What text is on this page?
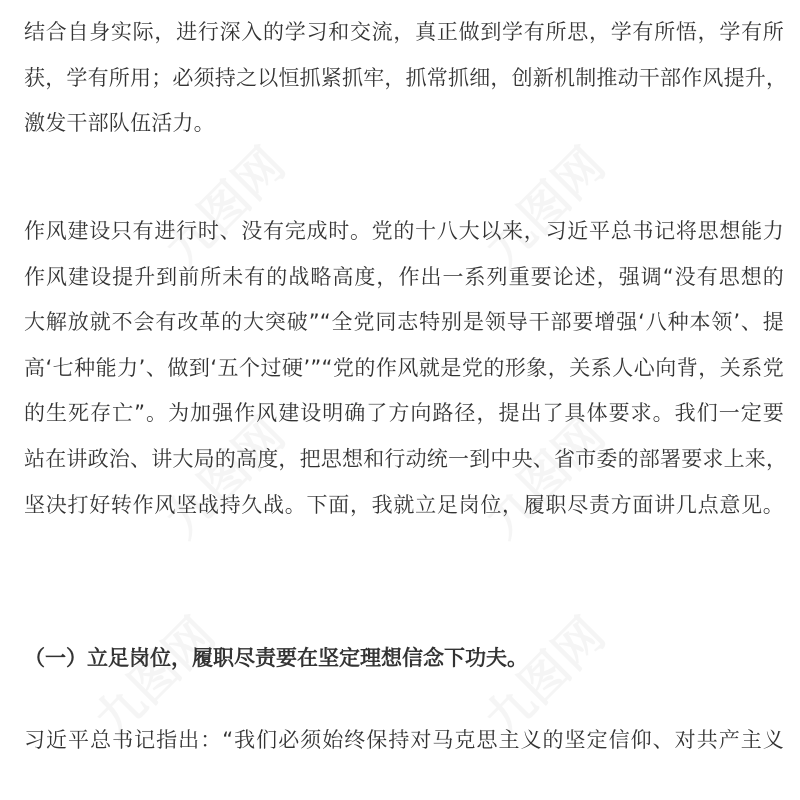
九图网	九图网
九图网	九图网
九图网	九图网

结合自身实际，进行深入的学习和交流，真正做到学有所思，学有所悟，学有所
获，学有所用；必须持之以恒抓紧抓牢，抓常抓细，创新机制推动干部作风提升，
激发干部队伍活力。

作风建设只有进行时、没有完成时。党的十八大以来，习近平总书记将思想能力
作风建设提升到前所未有的战略高度，作出一系列重要论述，强调“没有思想的
大解放就不会有改革的大突破”“全党同志特别是领导干部要增强‘八种本领’、提
高‘七种能力’、做到‘五个过硬’”“党的作风就是党的形象，关系人心向背，关系党
的生死存亡”。为加强作风建设明确了方向路径，提出了具体要求。我们一定要
站在讲政治、讲大局的高度，把思想和行动统一到中央、省市委的部署要求上来，
坚决打好转作风坚战持久战。下面，我就立足岗位，履职尽责方面讲几点意见。

（一）立足岗位，履职尽责要在坚定理想信念下功夫。

习近平总书记指出：“我们必须始终保持对马克思主义的坚定信仰、对共产主义
